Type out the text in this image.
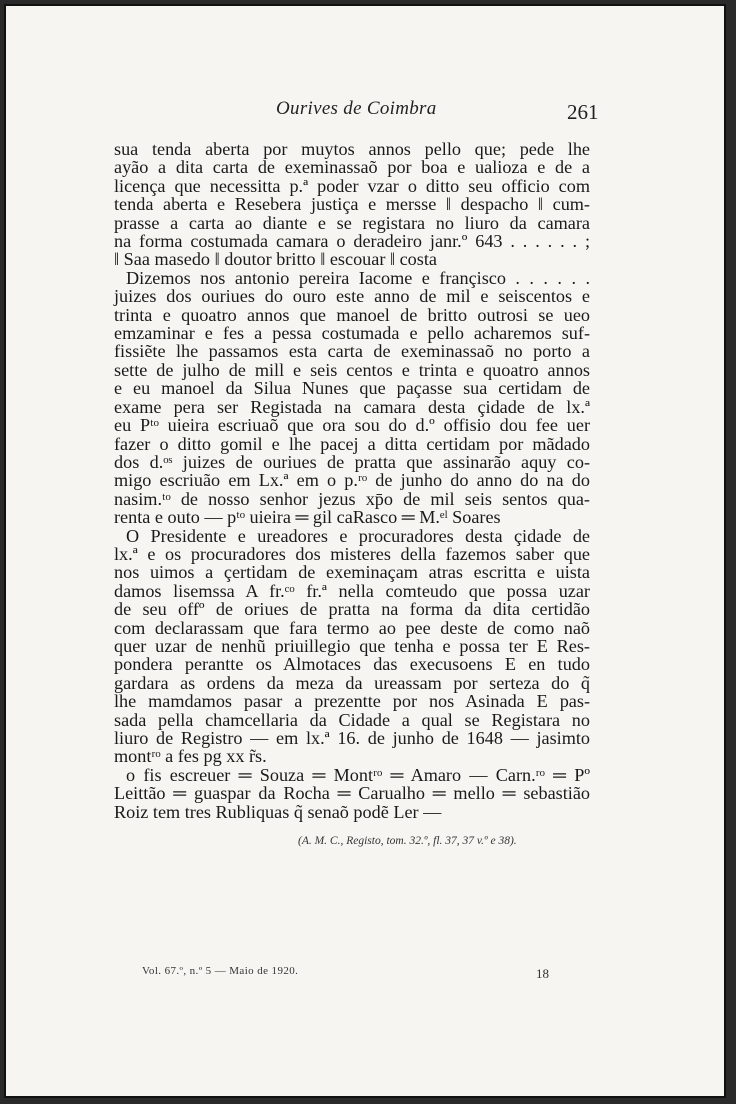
Ourives de Coimbra	261
sua tenda aberta por muytos annos pello que; pede lhe
ayão a dita carta de exeminassaõ por boa e ualioza e de a
licença que necessitta p.ª poder vzar o ditto seu officio com
tenda aberta e Resebera justiça e mersse ‖ despacho ‖ cum-
prasse a carta ao diante e se registara no liuro da camara
na forma costumada camara o deradeiro janr.º 643 . . . . . . ;
‖ Saa masedo ‖ doutor britto ‖ escouar ‖ costa
Dizemos nos antonio pereira Iacome e françisco . . . . . .
juizes dos ouriues do ouro este anno de mil e seiscentos e
trinta e quoatro annos que manoel de britto outrosi se ueo
emzaminar e fes a pessa costumada e pello acharemos suf-
fissiẽte lhe passamos esta carta de exeminassaõ no porto a
sette de julho de mill e seis centos e trinta e quoatro annos
e eu manoel da Silua Nunes que paçasse sua certidam de
exame pera ser Registada na camara desta çidade de lx.ª
eu Pᵗᵒ uieira escriuaõ que ora sou do d.º offisio dou fee uer
fazer o ditto gomil e lhe pacej a ditta certidam por mãdado
dos d.ᵒˢ juizes de ouriues de pratta que assinarão aquy co-
migo escriuão em Lx.ª em o p.ʳᵒ de junho do anno do na do
nasim.ᵗᵒ de nosso senhor jezus xp̄o de mil seis sentos qua-
renta e outo — pᵗᵒ uieira ═ gil caRasco ═ M.ᵉˡ Soares
O Presidente e ureadores e procuradores desta çidade de
lx.ª e os procuradores dos misteres della fazemos saber que
nos uimos a çertidam de exeminaçam atras escritta e uista
damos lisemssa A fr.ᶜᵒ fr.ª nella comteudo que possa uzar
de seu offº de oriues de pratta na forma da dita certidão
com declarassam que fara termo ao pee deste de como naõ
quer uzar de nenhũ priuillegio que tenha e possa ter E Res-
pondera perantte os Almotaces das execusoens E en tudo
gardara as ordens da meza da ureassam por serteza do q̃
lhe mamdamos pasar a prezentte por nos Asinada E pas-
sada pella chamcellaria da Cidade a qual se Registara no
liuro de Registro — em lx.ª 16. de junho de 1648 — jasimto
montʳᵒ a fes pg xx r̃s.
o fis escreuer ═ Souza ═ Montʳᵒ ═ Amaro — Carn.ʳᵒ ═ Pº
Leittão ═ guaspar da Rocha ═ Carualho ═ mello ═ sebastião
Roiz tem tres Rubliquas q̃ senaõ podẽ Ler —
(A. M. C., Registo, tom. 32.º, fl. 37, 37 v.º e 38).
Vol. 67.º, n.º 5 — Maio de 1920.	18
